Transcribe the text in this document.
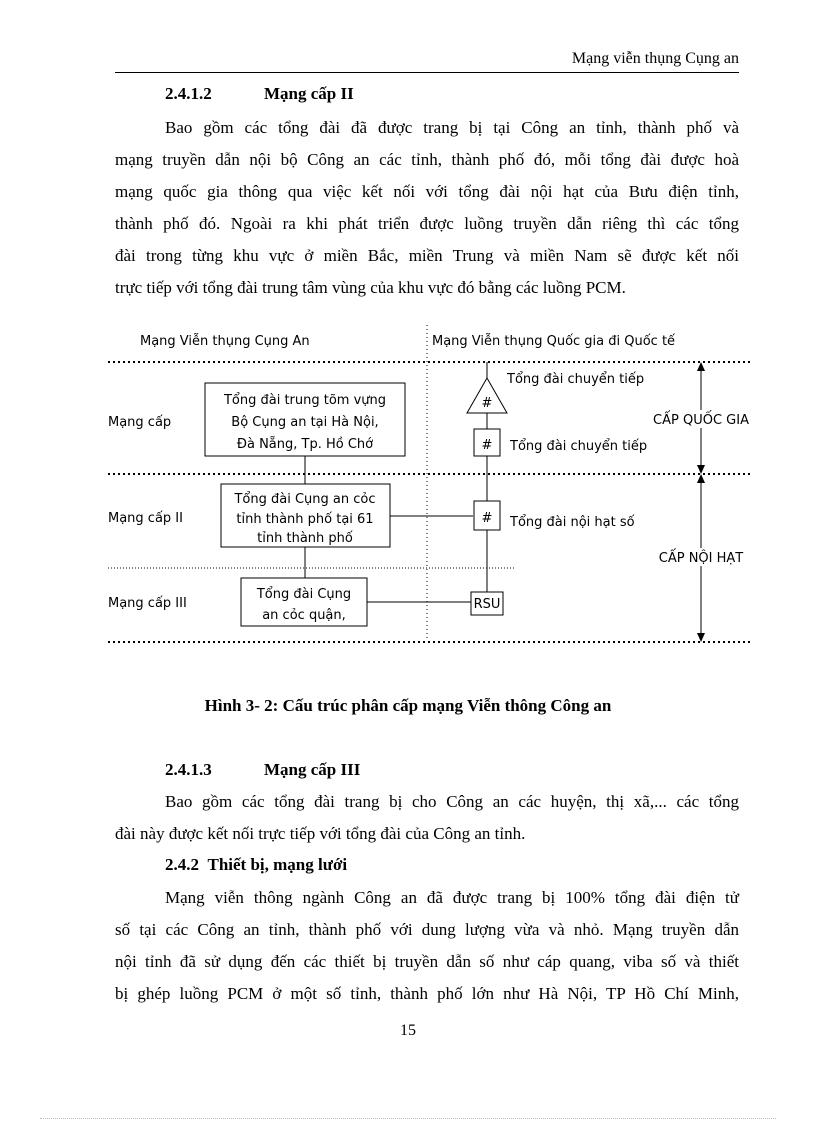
Mạng viễn thụng Cụng an
2.4.1.2	Mạng cấp II
Bao gồm các tổng đài đã được trang bị tại Công an tỉnh, thành phố và
mạng truyền dẫn nội bộ Công an các tỉnh, thành phố đó, mỗi tổng đài được hoà
mạng quốc gia thông qua việc kết nối với tổng đài nội hạt của Bưu điện tỉnh,
thành phố đó. Ngoài ra khi phát triển được luồng truyền dẫn riêng thì các tổng
đài trong từng khu vực ở miền Bắc, miền Trung và miền Nam sẽ được kết nối
trực tiếp với tổng đài trung tâm vùng của khu vực đó bằng các luồng PCM.
Mạng Viễn thụng Cụng An	Mạng Viễn thụng Quốc gia đi Quốc tế
Mạng cấp
Mạng cấp II
Mạng cấp III
Tổng đài trung tõm vựng
Bộ Cụng an tại Hà Nội,
Đà Nẵng, Tp. Hồ Chớ
Tổng đài Cụng an cỏc
tỉnh thành phố tại 61
tỉnh thành phố
Tổng đài Cụng
an cỏc quận,
#
Tổng đài chuyển tiếp
# Tổng đài chuyển tiếp
# Tổng đài nội hạt số
RSU
CẤP QUỐC GIA
CẤP NỘI HẠT
Hình 3- 2: Cấu trúc phân cấp mạng Viễn thông Công an
2.4.1.3	Mạng cấp III
Bao gồm các tổng đài trang bị cho Công an các huyện, thị xã,... các tổng
đài này được kết nối trực tiếp với tổng đài của Công an tỉnh.
2.4.2 Thiết bị, mạng lưới
Mạng viễn thông ngành Công an đã được trang bị 100% tổng đài điện tử
số tại các Công an tỉnh, thành phố với dung lượng vừa và nhỏ. Mạng truyền dẫn
nội tỉnh đã sử dụng đến các thiết bị truyền dẫn số như cáp quang, viba số và thiết
bị ghép luồng PCM ở một số tỉnh, thành phố lớn như Hà Nội, TP Hồ Chí Minh,
15
